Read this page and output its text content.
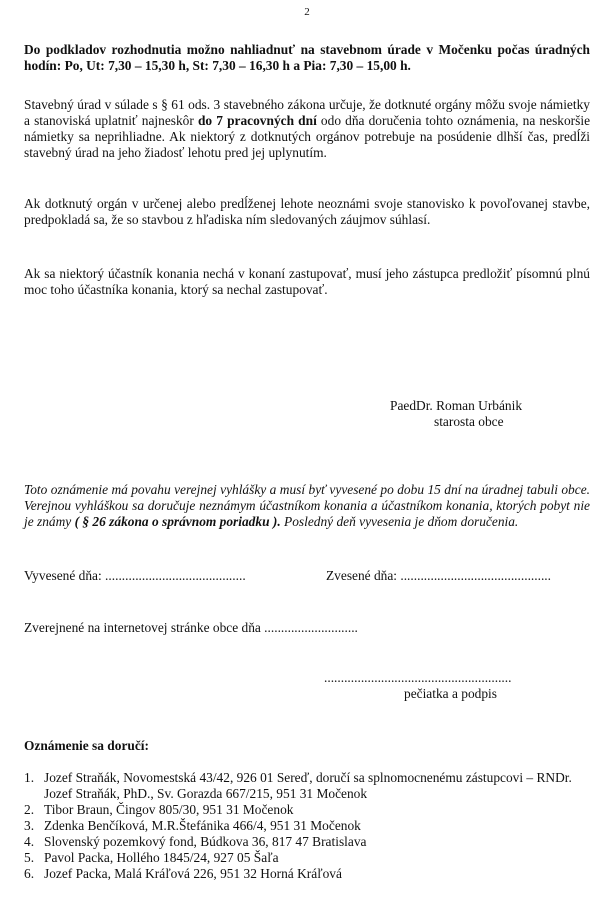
2
Do podkladov rozhodnutia možno nahliadnuť na stavebnom úrade v Močenku počas úradných hodín: Po, Ut: 7,30 – 15,30 h, St: 7,30 – 16,30 h a Pia: 7,30 – 15,00 h.
Stavebný úrad v súlade s § 61 ods. 3 stavebného zákona určuje, že dotknuté orgány môžu svoje námietky a stanoviská uplatniť najneskôr do 7 pracovných dní odo dňa doručenia tohto oznámenia, na neskoršie námietky sa neprihliadne. Ak niektorý z dotknutých orgánov potrebuje na posúdenie dlhší čas, predĺži stavebný úrad na jeho žiadosť lehotu pred jej uplynutím.
Ak dotknutý orgán v určenej alebo predĺženej lehote neoznámi svoje stanovisko k povoľovanej stavbe, predpokladá sa, že so stavbou z hľadiska ním sledovaných záujmov súhlasí.
Ak sa niektorý účastník konania nechá v konaní zastupovať, musí jeho zástupca predložiť písomnú plnú moc toho účastníka konania, ktorý sa nechal zastupovať.
PaedDr. Roman Urbánik
starosta obce
Toto oznámenie má povahu verejnej vyhlášky a musí byť vyvesené po dobu 15 dní na úradnej tabuli obce. Verejnou vyhláškou sa doručuje neznámym účastníkom konania a účastníkom konania, ktorých pobyt nie je známy ( § 26 zákona o správnom poriadku ). Posledný deň vyvesenia je dňom doručenia.
Vyvesené dňa: ..........................................	Zvesené dňa: .............................................
Zverejnené na internetovej stránke obce dňa ............................
........................................................
pečiatka a podpis
Oznámenie sa doručí:
1. Jozef Straňák, Novomestská 43/42, 926 01 Sereď, doručí sa splnomocnenému zástupcovi – RNDr. Jozef Straňák, PhD., Sv. Gorazda 667/215, 951 31 Močenok
2. Tibor Braun, Čingov 805/30, 951 31 Močenok
3. Zdenka Benčíková, M.R.Štefánika 466/4, 951 31 Močenok
4. Slovenský pozemkový fond, Búdkova 36, 817 47 Bratislava
5. Pavol Packa, Hollého 1845/24, 927 05 Šaľa
6. Jozef Packa, Malá Kráľová 226, 951 32 Horná Kráľová
